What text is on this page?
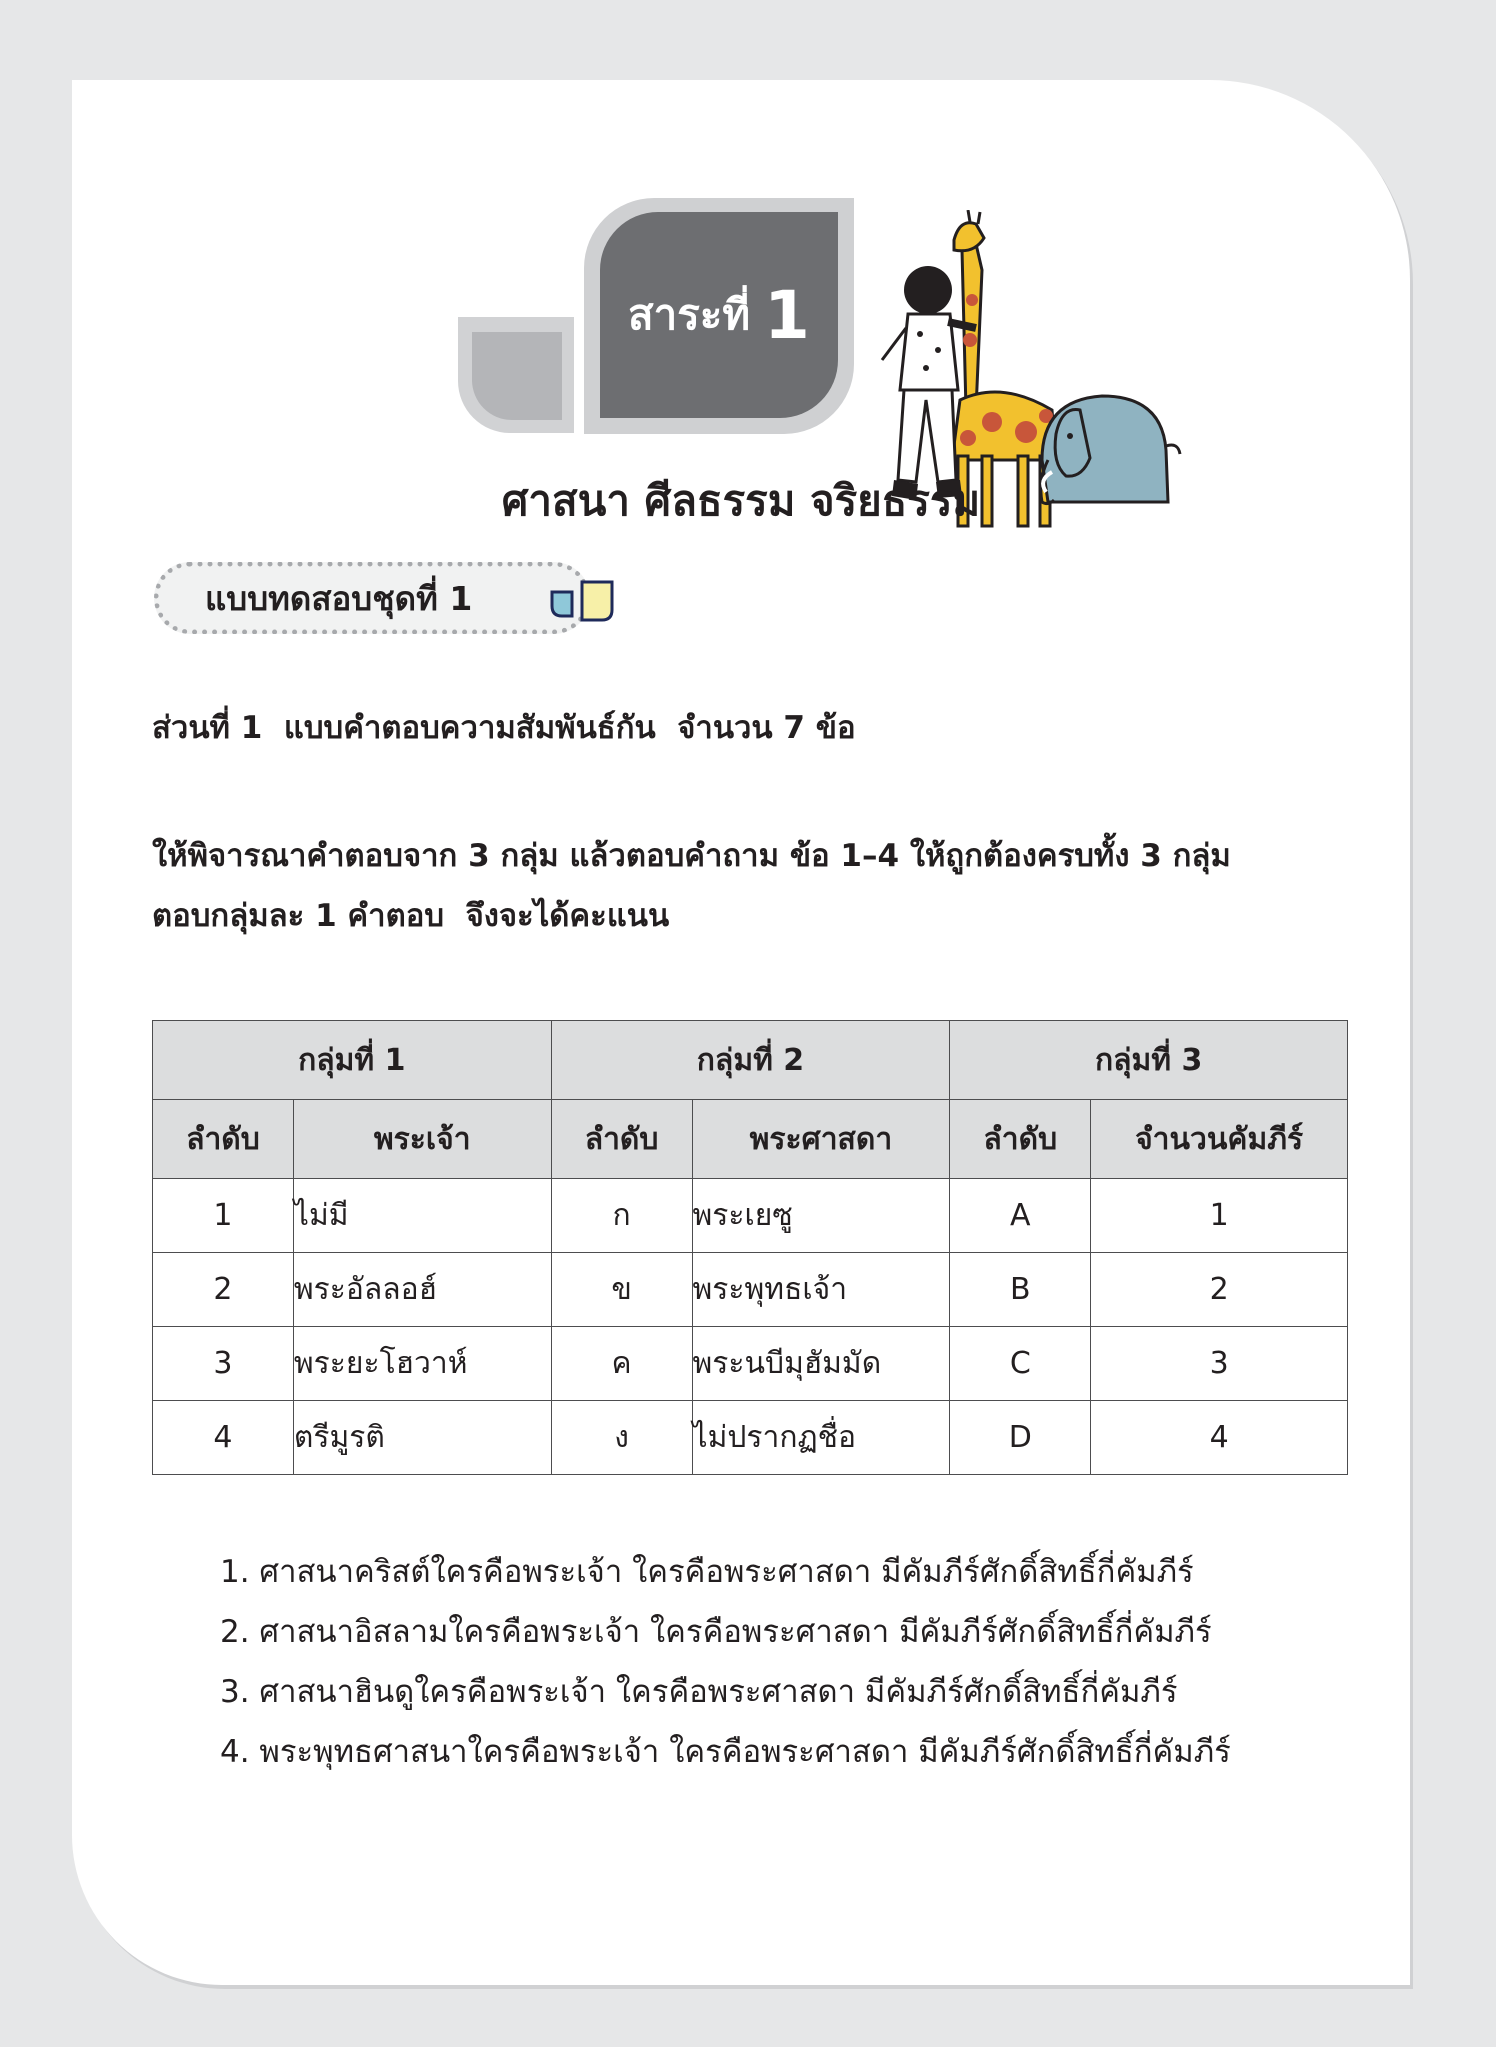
สาระที่ 1
ศาสนา ศีลธรรม จริยธรรม
แบบทดสอบชุดที่ 1
ส่วนที่ 1  แบบคำตอบความสัมพันธ์กัน  จำนวน 7 ข้อ
ให้พิจารณาคำตอบจาก 3 กลุ่ม แล้วตอบคำถาม ข้อ 1–4 ให้ถูกต้องครบทั้ง 3 กลุ่ม
ตอบกลุ่มละ 1 คำตอบ  จึงจะได้คะแนน
กลุ่มที่ 1		กลุ่มที่ 2		กลุ่มที่ 3	
ลำดับ	พระเจ้า	ลำดับ	พระศาสดา	ลำดับ	จำนวนคัมภีร์
1	ไม่มี	ก	พระเยซู	A	1
2	พระอัลลอฮ์	ข	พระพุทธเจ้า	B	2
3	พระยะโฮวาห์	ค	พระนบีมุฮัมมัด	C	3
4	ตรีมูรติ	ง	ไม่ปรากฏชื่อ	D	4
1. ศาสนาคริสต์ใครคือพระเจ้า ใครคือพระศาสดา มีคัมภีร์ศักดิ์สิทธิ์กี่คัมภีร์
2. ศาสนาอิสลามใครคือพระเจ้า ใครคือพระศาสดา มีคัมภีร์ศักดิ์สิทธิ์กี่คัมภีร์
3. ศาสนาฮินดูใครคือพระเจ้า ใครคือพระศาสดา มีคัมภีร์ศักดิ์สิทธิ์กี่คัมภีร์
4. พระพุทธศาสนาใครคือพระเจ้า ใครคือพระศาสดา มีคัมภีร์ศักดิ์สิทธิ์กี่คัมภีร์
